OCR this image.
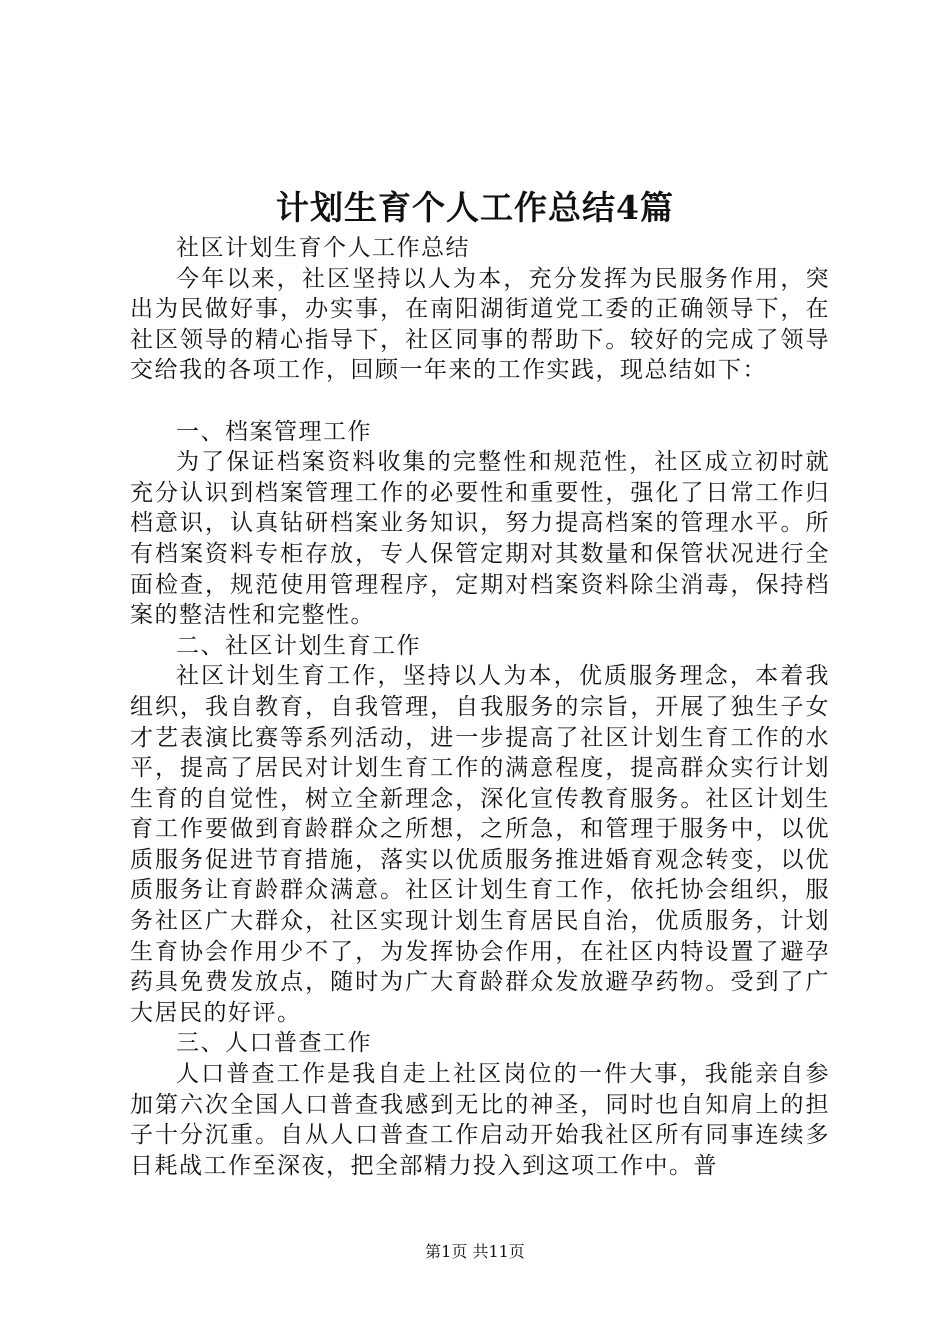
计划生育个人工作总结4篇

社区计划生育个人工作总结

今年以来，社区坚持以人为本，充分发挥为民服务作用，突出为民做好事，办实事，在南阳湖街道党工委的正确领导下，在社区领导的精心指导下，社区同事的帮助下。较好的完成了领导交给我的各项工作，回顾一年来的工作实践，现总结如下：

一、档案管理工作

为了保证档案资料收集的完整性和规范性，社区成立初时就充分认识到档案管理工作的必要性和重要性，强化了日常工作归档意识，认真钻研档案业务知识，努力提高档案的管理水平。所有档案资料专柜存放，专人保管定期对其数量和保管状况进行全面检查，规范使用管理程序，定期对档案资料除尘消毒，保持档案的整洁性和完整性。

二、社区计划生育工作

社区计划生育工作，坚持以人为本，优质服务理念，本着我组织，我自教育，自我管理，自我服务的宗旨，开展了独生子女才艺表演比赛等系列活动，进一步提高了社区计划生育工作的水平，提高了居民对计划生育工作的满意程度，提高群众实行计划生育的自觉性，树立全新理念，深化宣传教育服务。社区计划生育工作要做到育龄群众之所想，之所急，和管理于服务中，以优质服务促进节育措施，落实以优质服务推进婚育观念转变，以优质服务让育龄群众满意。社区计划生育工作，依托协会组织，服务社区广大群众，社区实现计划生育居民自治，优质服务，计划生育协会作用少不了，为发挥协会作用，在社区内特设置了避孕药具免费发放点，随时为广大育龄群众发放避孕药物。受到了广大居民的好评。

三、人口普查工作

人口普查工作是我自走上社区岗位的一件大事，我能亲自参加第六次全国人口普查我感到无比的神圣，同时也自知肩上的担子十分沉重。自从人口普查工作启动开始我社区所有同事连续多日耗战工作至深夜，把全部精力投入到这项工作中。普

第1页 共11页
